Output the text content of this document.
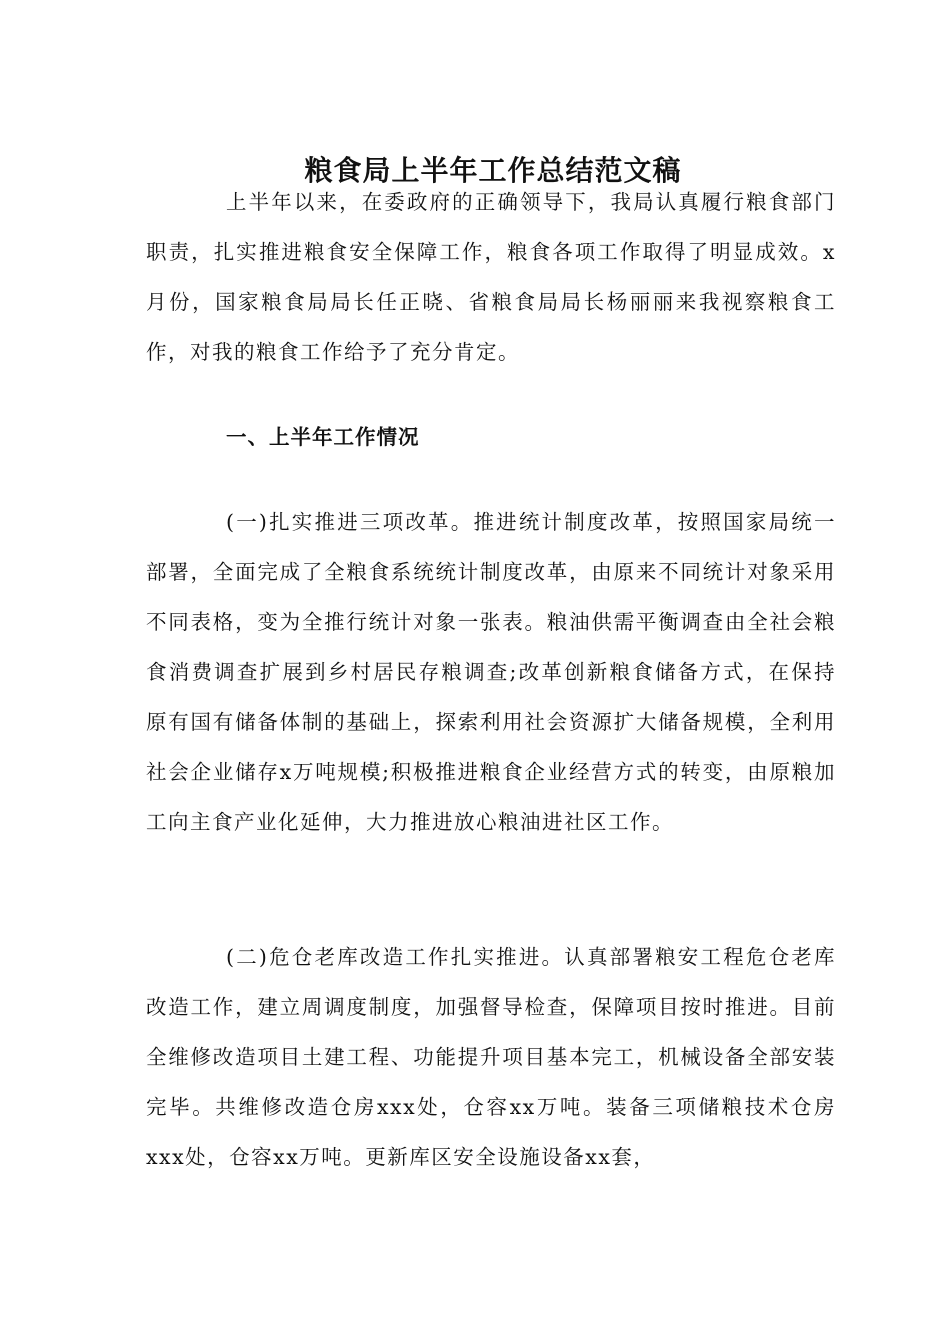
粮食局上半年工作总结范文稿

上半年以来，在委政府的正确领导下，我局认真履行粮食部门职责，扎实推进粮食安全保障工作，粮食各项工作取得了明显成效。x月份，国家粮食局局长任正晓、省粮食局局长杨丽丽来我视察粮食工作，对我的粮食工作给予了充分肯定。

一、上半年工作情况

(一)扎实推进三项改革。推进统计制度改革，按照国家局统一部署，全面完成了全粮食系统统计制度改革，由原来不同统计对象采用不同表格，变为全推行统计对象一张表。粮油供需平衡调查由全社会粮食消费调查扩展到乡村居民存粮调查;改革创新粮食储备方式，在保持原有国有储备体制的基础上，探索利用社会资源扩大储备规模，全利用社会企业储存x万吨规模;积极推进粮食企业经营方式的转变，由原粮加工向主食产业化延伸，大力推进放心粮油进社区工作。

(二)危仓老库改造工作扎实推进。认真部署粮安工程危仓老库改造工作，建立周调度制度，加强督导检查，保障项目按时推进。目前全维修改造项目土建工程、功能提升项目基本完工，机械设备全部安装完毕。共维修改造仓房xxx处，仓容xx万吨。装备三项储粮技术仓房xxx处，仓容xx万吨。更新库区安全设施设备xx套，
